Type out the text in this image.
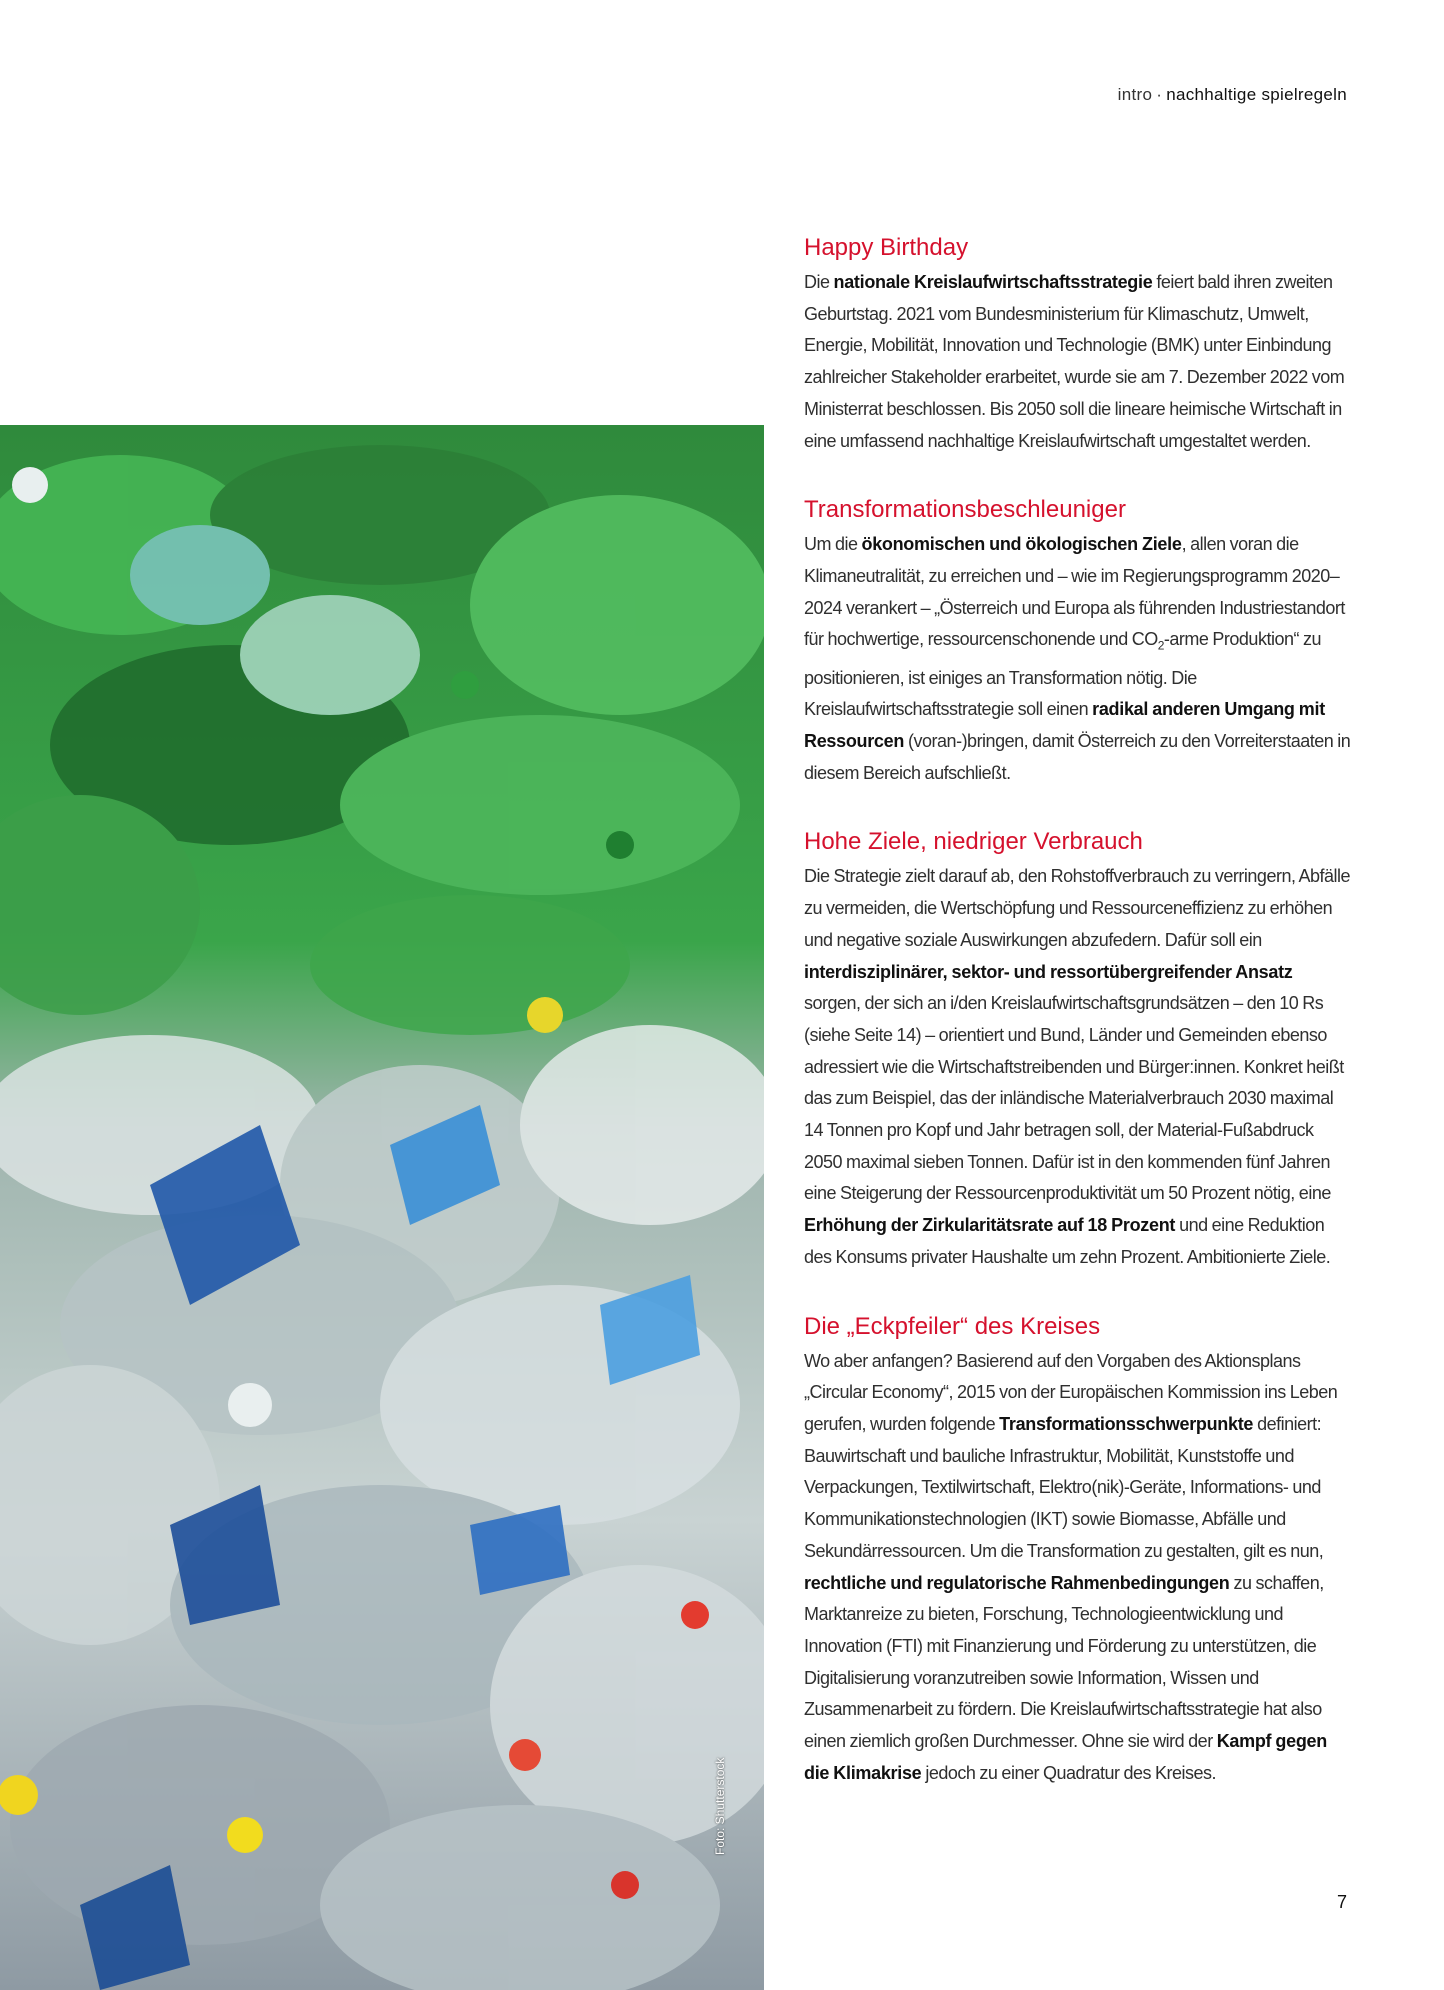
intro · nachhaltige spielregeln
Foto: Shutterstock
Happy Birthday

Die nationale Kreislaufwirtschaftsstrategie feiert bald ihren zweiten Geburtstag. 2021 vom Bundesministerium für Klimaschutz, Umwelt, Energie, Mobilität, Innovation und Technologie (BMK) unter Einbindung zahlreicher Stakeholder erarbeitet, wurde sie am 7. Dezember 2022 vom Ministerrat beschlossen. Bis 2050 soll die lineare heimische Wirtschaft in eine umfassend nachhaltige Kreislaufwirtschaft umgestaltet werden.

Transformationsbeschleuniger

Um die ökonomischen und ökologischen Ziele, allen voran die Klimaneutralität, zu erreichen und – wie im Regierungsprogramm 2020–2024 verankert – „Österreich und Europa als führenden Industriestandort für hochwertige, ressourcenschonende und $CO_2$-arme Produktion“ zu positionieren, ist einiges an Transformation nötig. Die Kreislaufwirtschaftsstrategie soll einen radikal anderen Umgang mit Ressourcen (voran-)bringen, damit Österreich zu den Vorreiterstaaten in diesem Bereich aufschließt.

Hohe Ziele, niedriger Verbrauch

Die Strategie zielt darauf ab, den Rohstoffverbrauch zu verringern, Abfälle zu vermeiden, die Wertschöpfung und Ressourceneffizienz zu erhöhen und negative soziale Auswirkungen abzufedern. Dafür soll ein interdisziplinärer, sektor- und ressortübergreifender Ansatz sorgen, der sich an i/den Kreislaufwirtschaftsgrundsätzen – den 10 Rs (siehe Seite 14) – orientiert und Bund, Länder und Gemeinden ebenso adressiert wie die Wirtschaftstreibenden und Bürger:innen. Konkret heißt das zum Beispiel, das der inländische Materialverbrauch 2030 maximal 14 Tonnen pro Kopf und Jahr betragen soll, der Material-Fußabdruck 2050 maximal sieben Tonnen. Dafür ist in den kommenden fünf Jahren eine Steigerung der Ressourcenproduktivität um 50 Prozent nötig, eine Erhöhung der Zirkularitätsrate auf 18 Prozent und eine Reduktion des Konsums privater Haushalte um zehn Prozent. Ambitionierte Ziele.

Die „Eckpfeiler“ des Kreises

Wo aber anfangen? Basierend auf den Vorgaben des Aktionsplans „Circular Economy“, 2015 von der Europäischen Kommission ins Leben gerufen, wurden folgende Transformationsschwerpunkte definiert: Bauwirtschaft und bauliche Infrastruktur, Mobilität, Kunststoffe und Verpackungen, Textilwirtschaft, Elektro(nik)-Geräte, Informations- und Kommunikationstechnologien (IKT) sowie Biomasse, Abfälle und Sekundärressourcen. Um die Transformation zu gestalten, gilt es nun, rechtliche und regulatorische Rahmenbedingungen zu schaffen, Marktanreize zu bieten, Forschung, Technologieentwicklung und Innovation (FTI) mit Finanzierung und Förderung zu unterstützen, die Digitalisierung voranzutreiben sowie Information, Wissen und Zusammenarbeit zu fördern. Die Kreislaufwirtschaftsstrategie hat also einen ziemlich großen Durchmesser. Ohne sie wird der Kampf gegen die Klimakrise jedoch zu einer Quadratur des Kreises.

7
